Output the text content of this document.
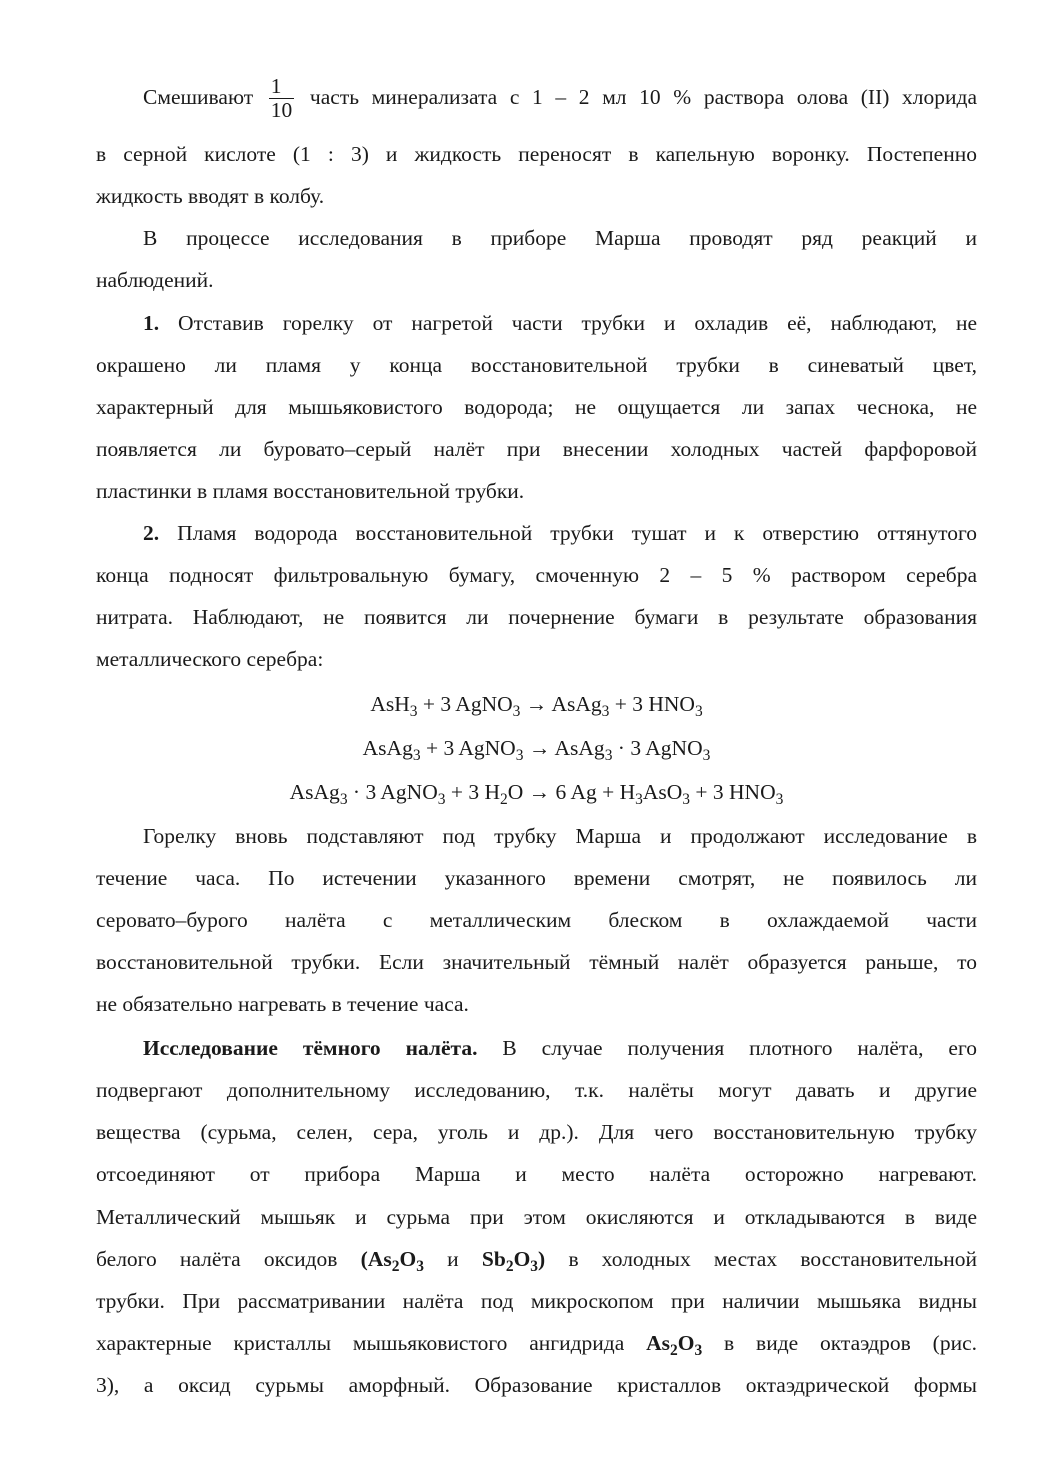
Смешивают $\frac{1}{10}$ часть минерализата с 1 – 2 мл 10 % раствора олова (II) хлорида
в серной кислоте (1 : 3) и жидкость переносят в капельную воронку. Постепенно
жидкость вводят в колбу.
В процессе исследования в приборе Марша проводят ряд реакций и
наблюдений.
1. Отставив горелку от нагретой части трубки и охладив её, наблюдают, не
окрашено ли пламя у конца восстановительной трубки в синеватый цвет,
характерный для мышьяковистого водорода; не ощущается ли запах чеснока, не
появляется ли буровато–серый налёт при внесении холодных частей фарфоровой
пластинки в пламя восстановительной трубки.
2. Пламя водорода восстановительной трубки тушат и к отверстию оттянутого
конца подносят фильтровальную бумагу, смоченную 2 – 5 % раствором серебра
нитрата. Наблюдают, не появится ли почернение бумаги в результате образования
металлического серебра:
AsH$_3$ + 3 AgNO$_3$ → AsAg$_3$ + 3 $HNO_3$
AsAg$_3$ + 3 AgNO$_3$ → AsAg$_3$ · 3 AgNO$_3$
AsAg$_3$ · 3 AgNO$_3$ + 3 $H_2O \to 6$ $Ag + H_3AsO_3 + 3$ $HNO_3$
Горелку вновь подставляют под трубку Марша и продолжают исследование в
течение часа. По истечении указанного времени смотрят, не появилось ли
серовато–бурого налёта с металлическим блеском в охлаждаемой части
восстановительной трубки. Если значительный тёмный налёт образуется раньше, то
не обязательно нагревать в течение часа.
Исследование тёмного налёта. В случае получения плотного налёта, его
подвергают дополнительному исследованию, т.к. налёты могут давать и другие
вещества (сурьма, селен, сера, уголь и др.). Для чего восстановительную трубку
отсоединяют от прибора Марша и место налёта осторожно нагревают.
Металлический мышьяк и сурьма при этом окисляются и откладываются в виде
белого налёта оксидов ($As_2O_3$ и $Sb_2O_3$) в холодных местах восстановительной
трубки. При рассматривании налёта под микроскопом при наличии мышьяка видны
характерные кристаллы мышьяковистого ангидрида $As_2O_3$ в виде октаэдров (рис.
3), а оксид сурьмы аморфный. Образование кристаллов октаэдрической формы
